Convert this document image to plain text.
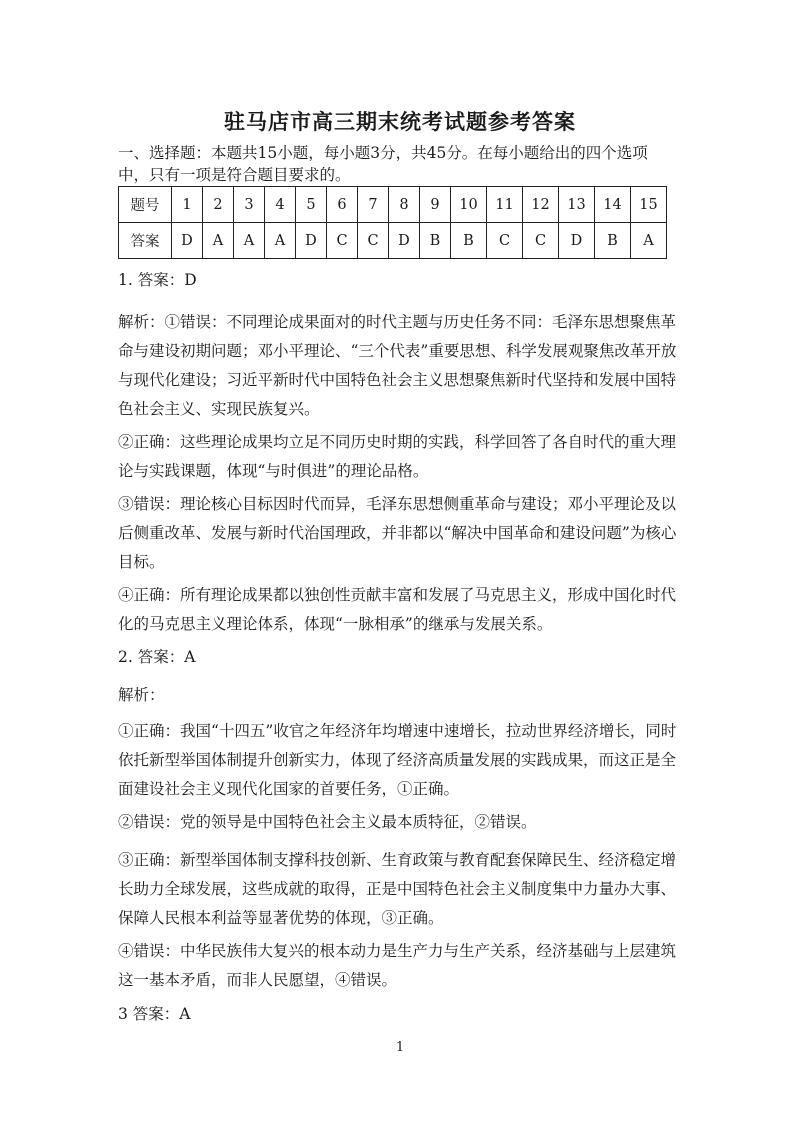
驻马店市高三期末统考试题参考答案
一、选择题：本题共15小题，每小题3分，共45分。在每小题给出的四个选项中，只有一项是符合题目要求的。
题号	1	2	3	4	5	6	7	8	9	10	11	12	13	14	15
答案	D	A	A	A	D	C	C	D	B	B	C	C	D	B	A
1. 答案：D
解析：①错误：不同理论成果面对的时代主题与历史任务不同：毛泽东思想聚焦革命与建设初期问题；邓小平理论、“三个代表”重要思想、科学发展观聚焦改革开放与现代化建设；习近平新时代中国特色社会主义思想聚焦新时代坚持和发展中国特色社会主义、实现民族复兴。
②正确：这些理论成果均立足不同历史时期的实践，科学回答了各自时代的重大理论与实践课题，体现“与时俱进”的理论品格。
③错误：理论核心目标因时代而异，毛泽东思想侧重革命与建设；邓小平理论及以后侧重改革、发展与新时代治国理政，并非都以“解决中国革命和建设问题”为核心目标。
④正确：所有理论成果都以独创性贡献丰富和发展了马克思主义，形成中国化时代化的马克思主义理论体系，体现“一脉相承”的继承与发展关系。
2. 答案：A
解析：
①正确：我国“十四五”收官之年经济年均增速中速增长，拉动世界经济增长，同时依托新型举国体制提升创新实力，体现了经济高质量发展的实践成果，而这正是全面建设社会主义现代化国家的首要任务，①正确。
②错误：党的领导是中国特色社会主义最本质特征，②错误。
③正确：新型举国体制支撑科技创新、生育政策与教育配套保障民生、经济稳定增长助力全球发展，这些成就的取得，正是中国特色社会主义制度集中力量办大事、保障人民根本利益等显著优势的体现，③正确。
④错误：中华民族伟大复兴的根本动力是生产力与生产关系，经济基础与上层建筑这一基本矛盾，而非人民愿望，④错误。
3 答案：A
1
